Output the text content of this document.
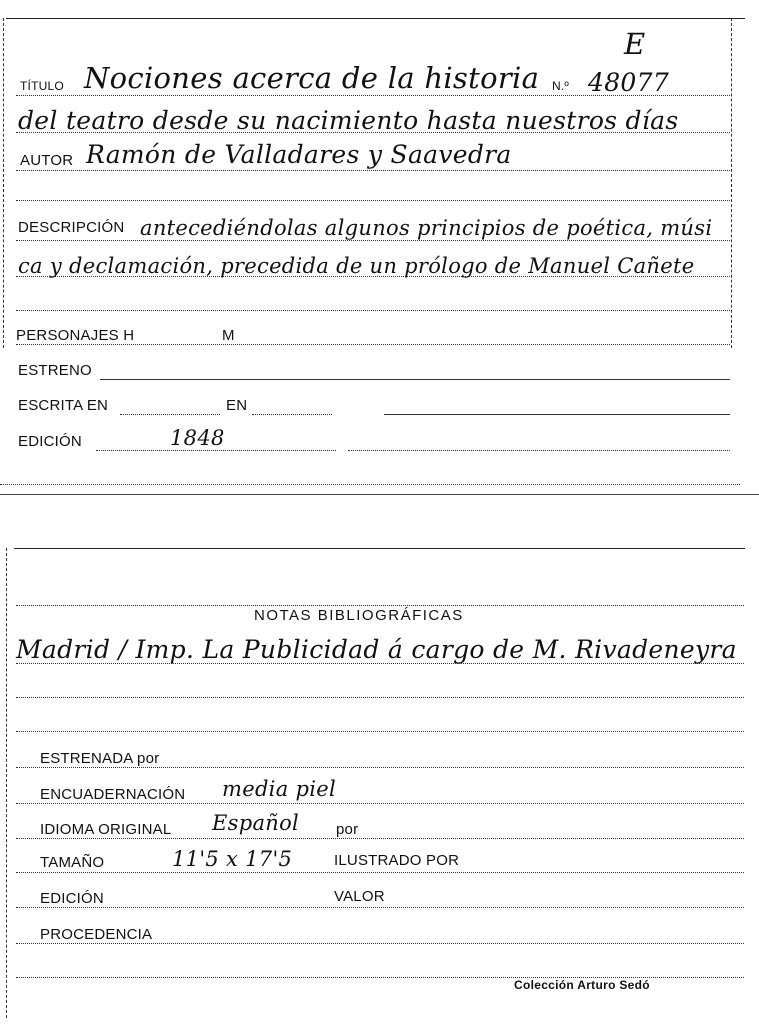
E
TÍTULO Nociones acerca de la historia N.º 48077
del teatro desde su nacimiento hasta nuestros días
AUTOR Ramón de Valladares y Saavedra
DESCRIPCIÓN antecediéndolas algunos principios de poética, músi
ca y declamación, precedida de un prólogo de Manuel Cañete
PERSONAJES H	M
ESTRENO
ESCRITA EN	EN
EDICIÓN	1848
NOTAS BIBLIOGRÁFICAS
Madrid / Imp. La Publicidad á cargo de M. Rivadeneyra
ESTRENADA por
ENCUADERNACIÓN media piel
IDIOMA ORIGINAL Español por
TAMAÑO	11'5 x 17'5	ILUSTRADO POR
EDICIÓN	VALOR
PROCEDENCIA
Colección Arturo Sedó
